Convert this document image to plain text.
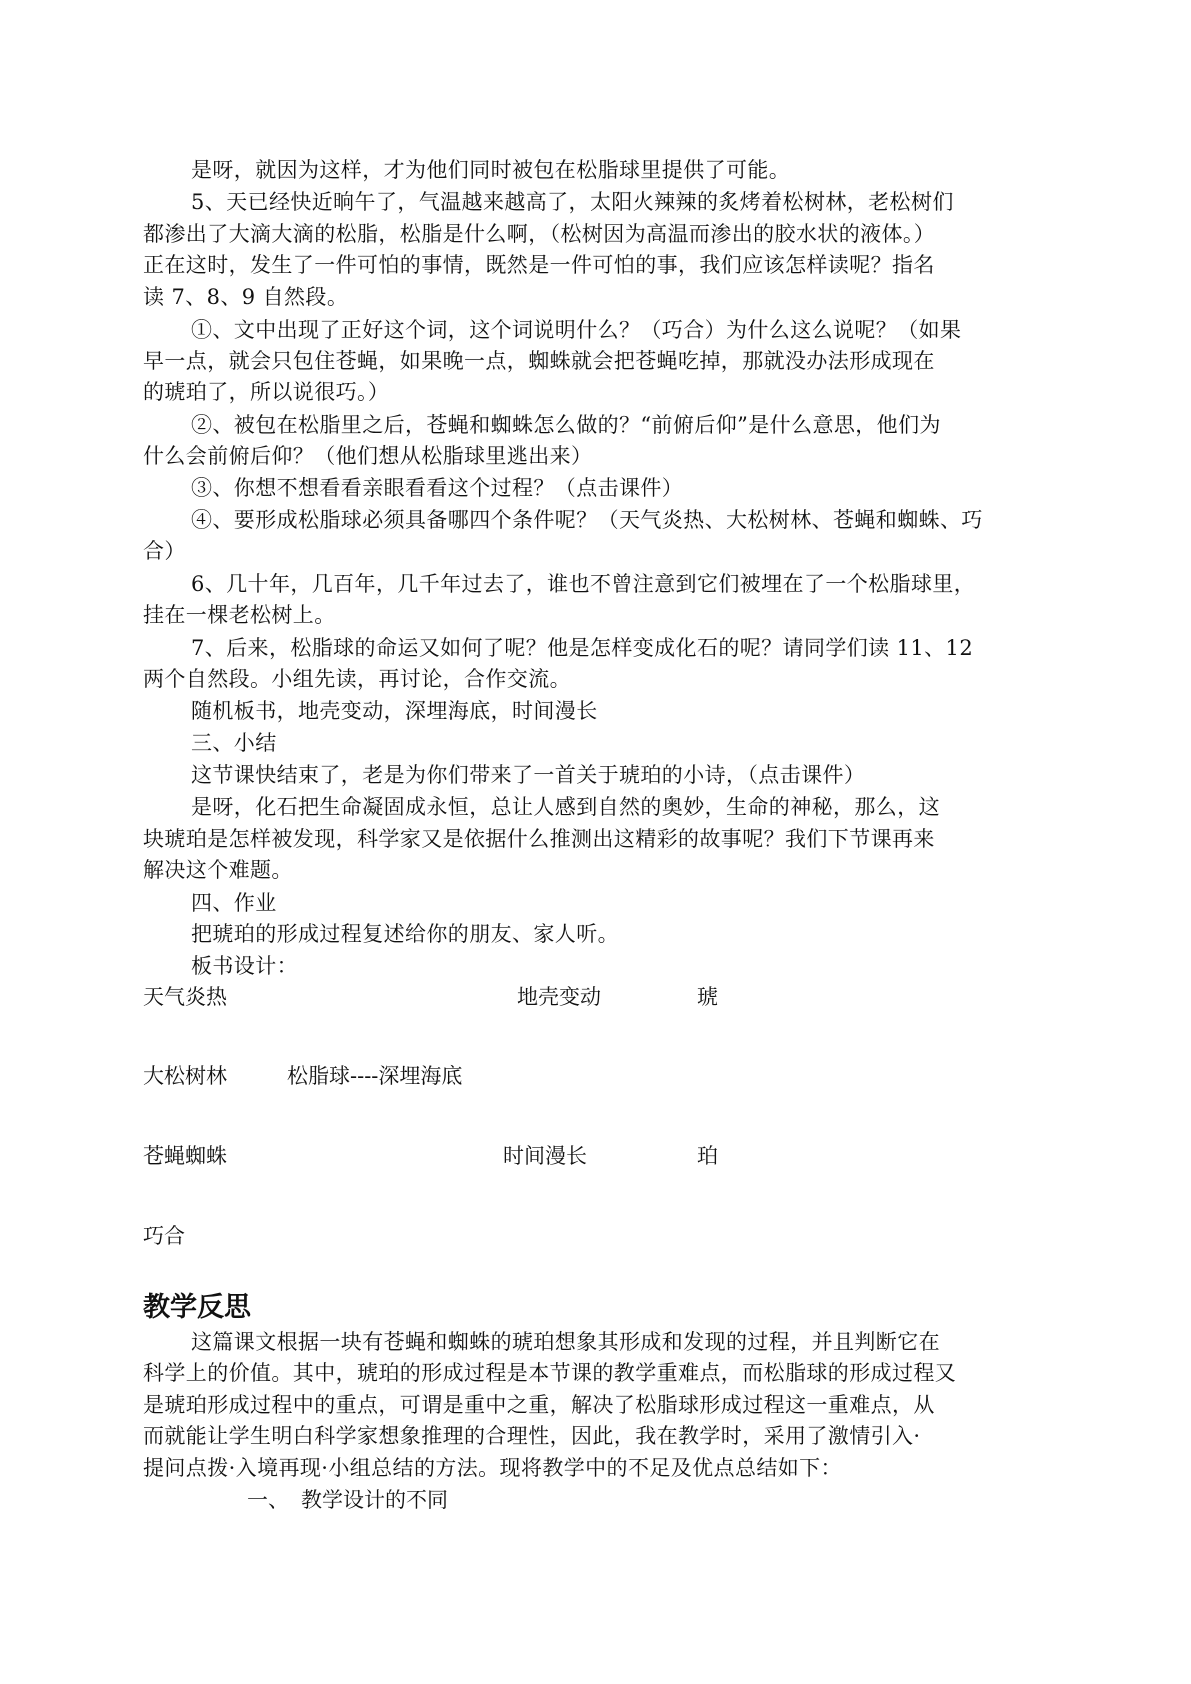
是呀，就因为这样，才为他们同时被包在松脂球里提供了可能。
5、天已经快近晌午了，气温越来越高了，太阳火辣辣的炙烤着松树林，老松树们
都渗出了大滴大滴的松脂，松脂是什么啊，（松树因为高温而渗出的胶水状的液体。）
正在这时，发生了一件可怕的事情，既然是一件可怕的事，我们应该怎样读呢？指名
读 7、8、9 自然段。
①、文中出现了正好这个词，这个词说明什么？（巧合）为什么这么说呢？（如果
早一点，就会只包住苍蝇，如果晚一点，蜘蛛就会把苍蝇吃掉，那就没办法形成现在
的琥珀了，所以说很巧。）
②、被包在松脂里之后，苍蝇和蜘蛛怎么做的？“前俯后仰”是什么意思，他们为
什么会前俯后仰？（他们想从松脂球里逃出来）
③、你想不想看看亲眼看看这个过程？（点击课件）
④、要形成松脂球必须具备哪四个条件呢？（天气炎热、大松树林、苍蝇和蜘蛛、巧
合）
6、几十年，几百年，几千年过去了，谁也不曾注意到它们被埋在了一个松脂球里，
挂在一棵老松树上。
7、后来，松脂球的命运又如何了呢？他是怎样变成化石的呢？请同学们读 11、12
两个自然段。小组先读，再讨论，合作交流。
随机板书，地壳变动，深埋海底，时间漫长
三、小结
这节课快结束了，老是为你们带来了一首关于琥珀的小诗，（点击课件）
是呀，化石把生命凝固成永恒，总让人感到自然的奥妙，生命的神秘，那么，这
块琥珀是怎样被发现，科学家又是依据什么推测出这精彩的故事呢？我们下节课再来
解决这个难题。
四、作业
把琥珀的形成过程复述给你的朋友、家人听。
板书设计：
天气炎热	地壳变动	琥
大松树林	松脂球----深埋海底
苍蝇蜘蛛	时间漫长	珀
巧合
教学反思
这篇课文根据一块有苍蝇和蜘蛛的琥珀想象其形成和发现的过程，并且判断它在
科学上的价值。其中，琥珀的形成过程是本节课的教学重难点，而松脂球的形成过程又
是琥珀形成过程中的重点，可谓是重中之重，解决了松脂球形成过程这一重难点，从
而就能让学生明白科学家想象推理的合理性，因此，我在教学时，采用了激情引入·
提问点拨·入境再现·小组总结的方法。现将教学中的不足及优点总结如下：
一、 教学设计的不同
